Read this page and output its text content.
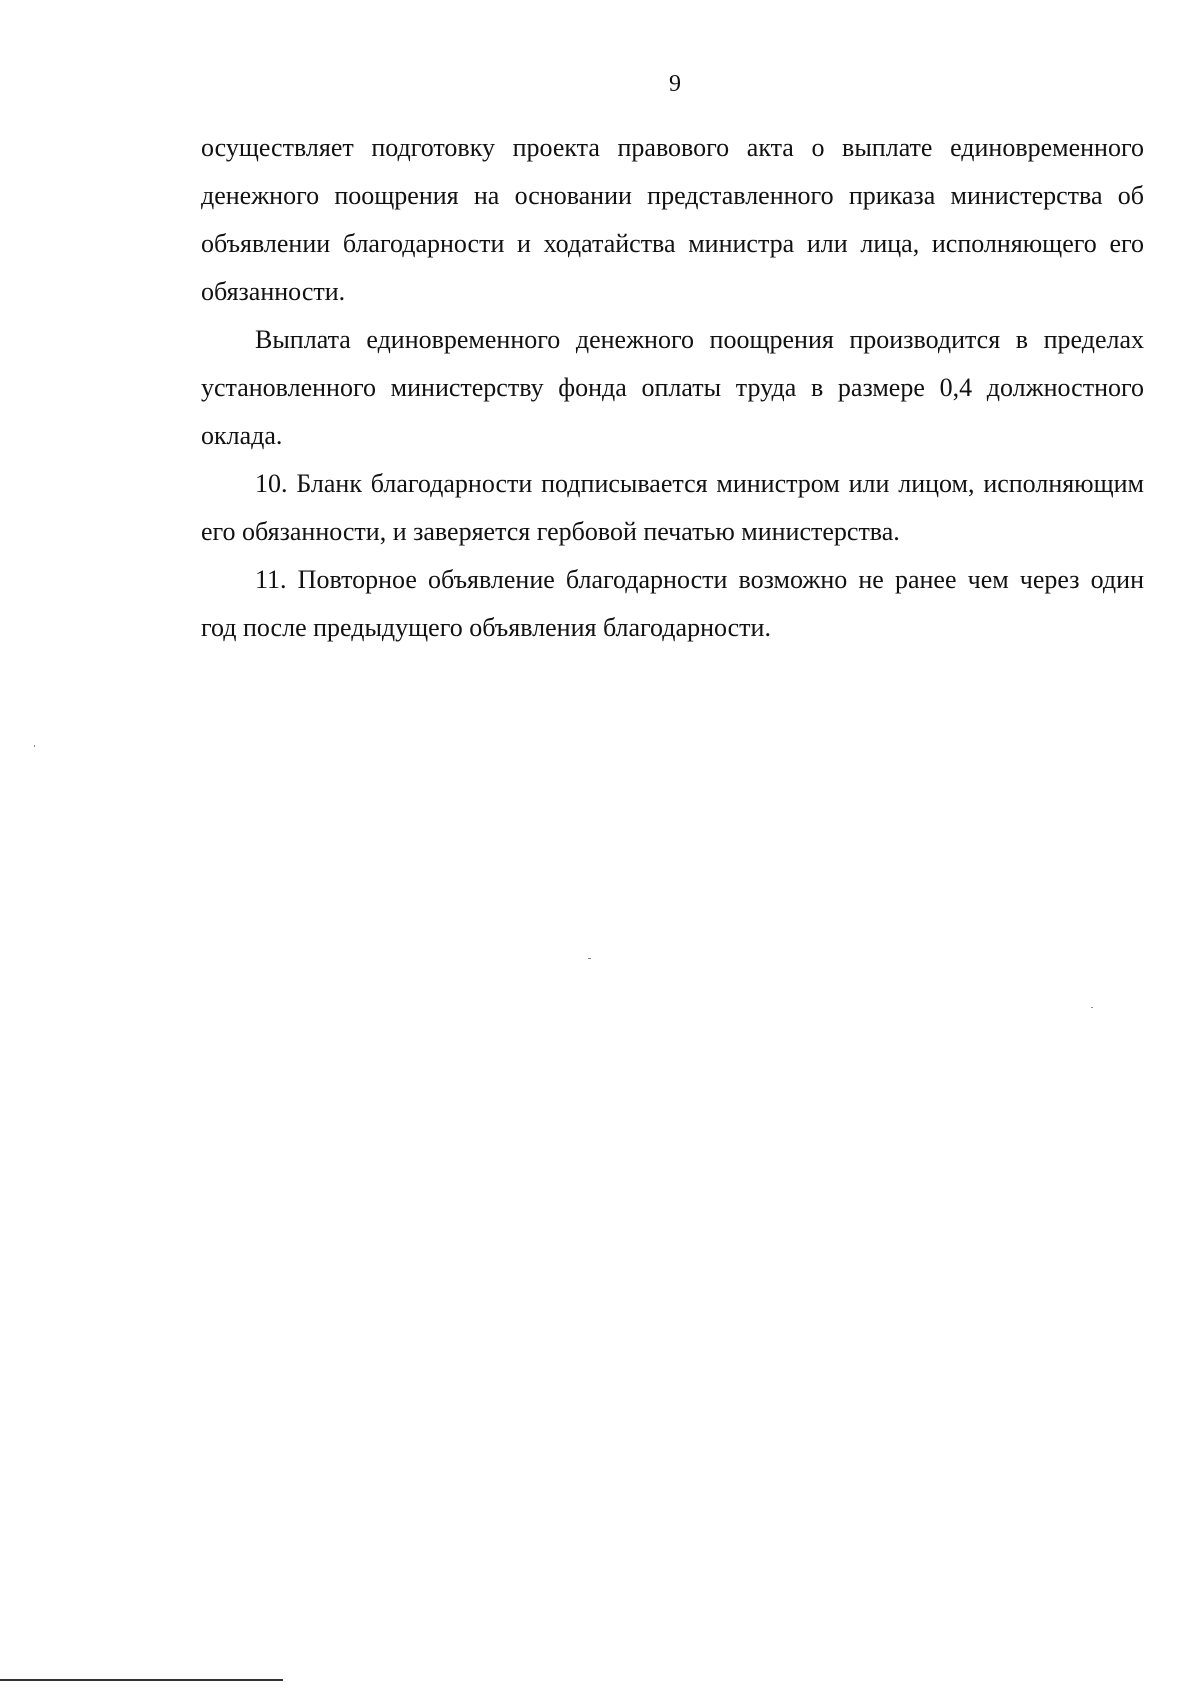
9

осуществляет подготовку проекта правового акта о выплате единовременного денежного поощрения на основании представленного приказа министерства об объявлении благодарности и ходатайства министра или лица, исполняющего его обязанности.

Выплата единовременного денежного поощрения производится в пределах установленного министерству фонда оплаты труда в размере 0,4 должностного оклада.

10. Бланк благодарности подписывается министром или лицом, исполняющим его обязанности, и заверяется гербовой печатью министерства.

11. Повторное объявление благодарности возможно не ранее чем через один год после предыдущего объявления благодарности.
